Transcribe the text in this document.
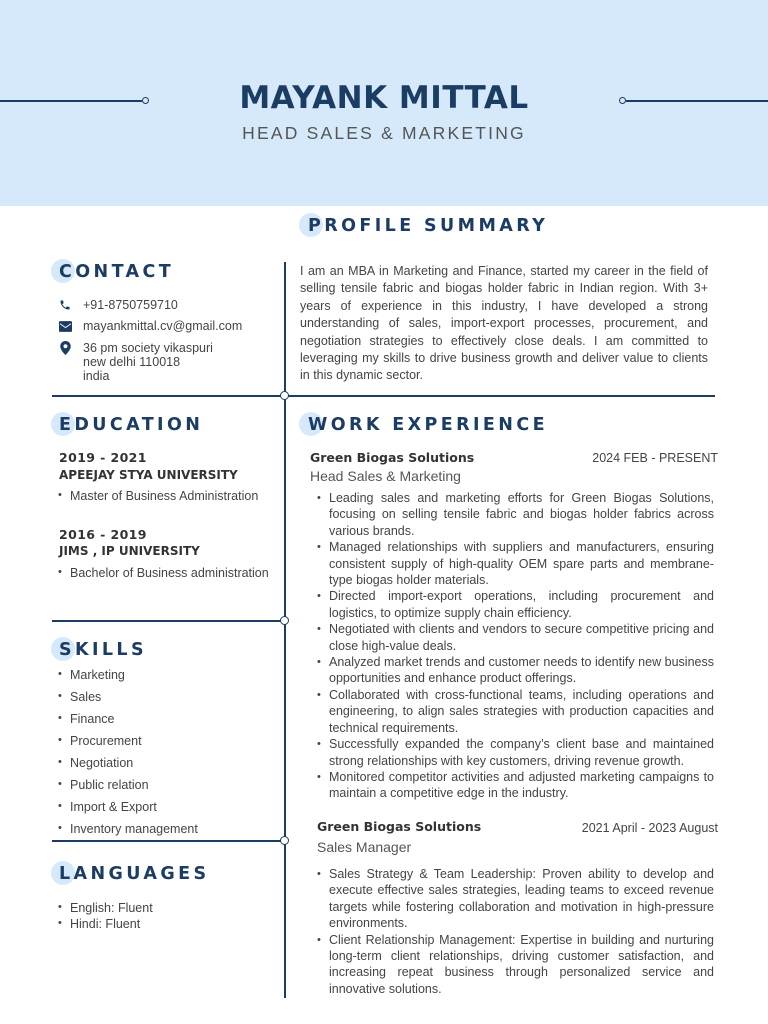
MAYANK MITTAL
HEAD SALES & MARKETING
PROFILE SUMMARY
I am an MBA in Marketing and Finance, started my career in the field of selling tensile fabric and biogas holder fabric in Indian region. With 3+ years of experience in this industry, I have developed a strong understanding of sales, import-export processes, procurement, and negotiation strategies to effectively close deals. I am committed to leveraging my skills to drive business growth and deliver value to clients in this dynamic sector.
CONTACT
+91-8750759710
mayankmittal.cv@gmail.com
36 pm society vikaspuri
new delhi 110018
india
EDUCATION
2019 - 2021
APEEJAY STYA UNIVERSITY
• Master of Business Administration
2016 - 2019
JIMS , IP UNIVERSITY
• Bachelor of Business administration
SKILLS
• Marketing
• Sales
• Finance
• Procurement
• Negotiation
• Public relation
• Import & Export
• Inventory management
LANGUAGES
• English: Fluent
• Hindi: Fluent
WORK EXPERIENCE
Green Biogas Solutions	2024 FEB - PRESENT
Head Sales & Marketing
• Leading sales and marketing efforts for Green Biogas Solutions, focusing on selling tensile fabric and biogas holder fabrics across various brands.
• Managed relationships with suppliers and manufacturers, ensuring consistent supply of high-quality OEM spare parts and membrane-type biogas holder materials.
• Directed import-export operations, including procurement and logistics, to optimize supply chain efficiency.
• Negotiated with clients and vendors to secure competitive pricing and close high-value deals.
• Analyzed market trends and customer needs to identify new business opportunities and enhance product offerings.
• Collaborated with cross-functional teams, including operations and engineering, to align sales strategies with production capacities and technical requirements.
• Successfully expanded the company’s client base and maintained strong relationships with key customers, driving revenue growth.
• Monitored competitor activities and adjusted marketing campaigns to maintain a competitive edge in the industry.
Green Biogas Solutions	2021 April - 2023 August
Sales Manager
• Sales Strategy & Team Leadership: Proven ability to develop and execute effective sales strategies, leading teams to exceed revenue targets while fostering collaboration and motivation in high-pressure environments.
• Client Relationship Management: Expertise in building and nurturing long-term client relationships, driving customer satisfaction, and increasing repeat business through personalized service and innovative solutions.
